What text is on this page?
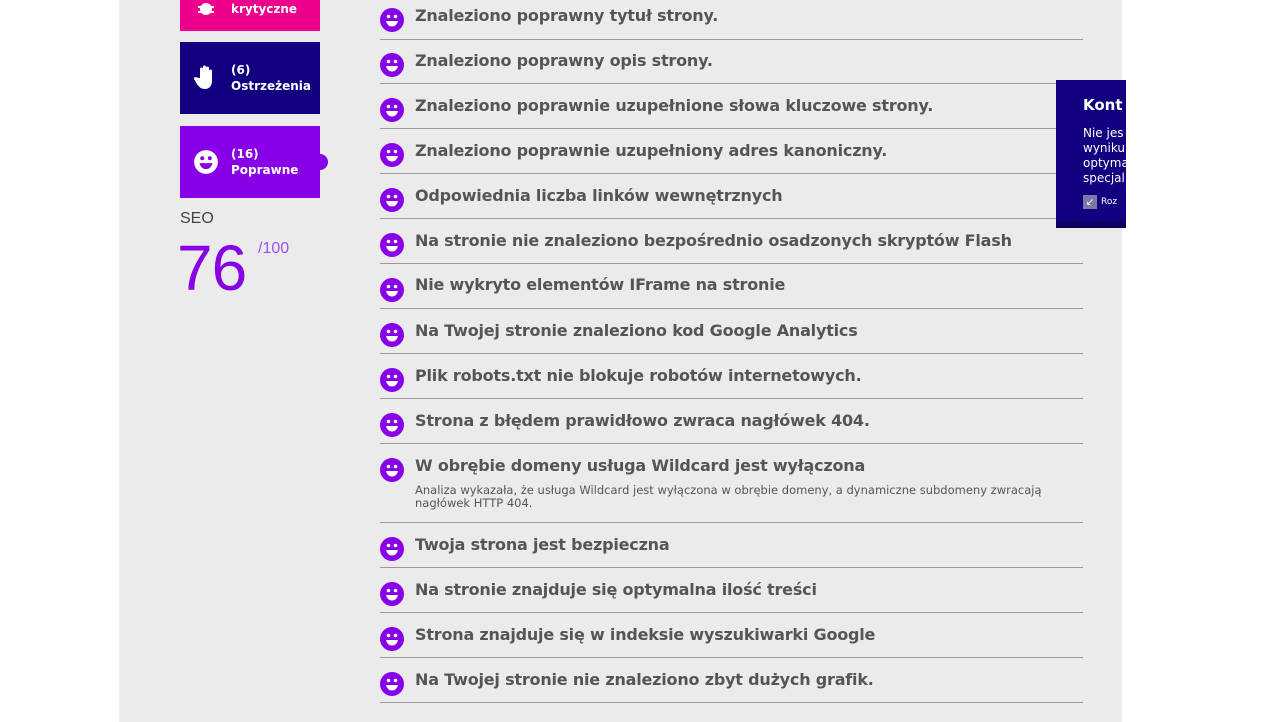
krytyczne
(6)
Ostrzeżenia
(16)
Poprawne
SEO
76 /100
Znaleziono poprawny tytuł strony.
Znaleziono poprawny opis strony.
Znaleziono poprawnie uzupełnione słowa kluczowe strony.
Znaleziono poprawnie uzupełniony adres kanoniczny.
Odpowiednia liczba linków wewnętrznych
Na stronie nie znaleziono bezpośrednio osadzonych skryptów Flash
Nie wykryto elementów IFrame na stronie
Na Twojej stronie znaleziono kod Google Analytics
Plik robots.txt nie blokuje robotów internetowych.
Strona z błędem prawidłowo zwraca nagłówek 404.
W obrębie domeny usługa Wildcard jest wyłączona
Analiza wykazała, że usługa Wildcard jest wyłączona w obrębie domeny, a dynamiczne subdomeny zwracają nagłówek HTTP 404.
Twoja strona jest bezpieczna
Na stronie znajduje się optymalna ilość treści
Strona znajduje się w indeksie wyszukiwarki Google
Na Twojej stronie nie znaleziono zbyt dużych grafik.
Kont
Nie jes
wyniku
optyma
specjal
↙ Roz
